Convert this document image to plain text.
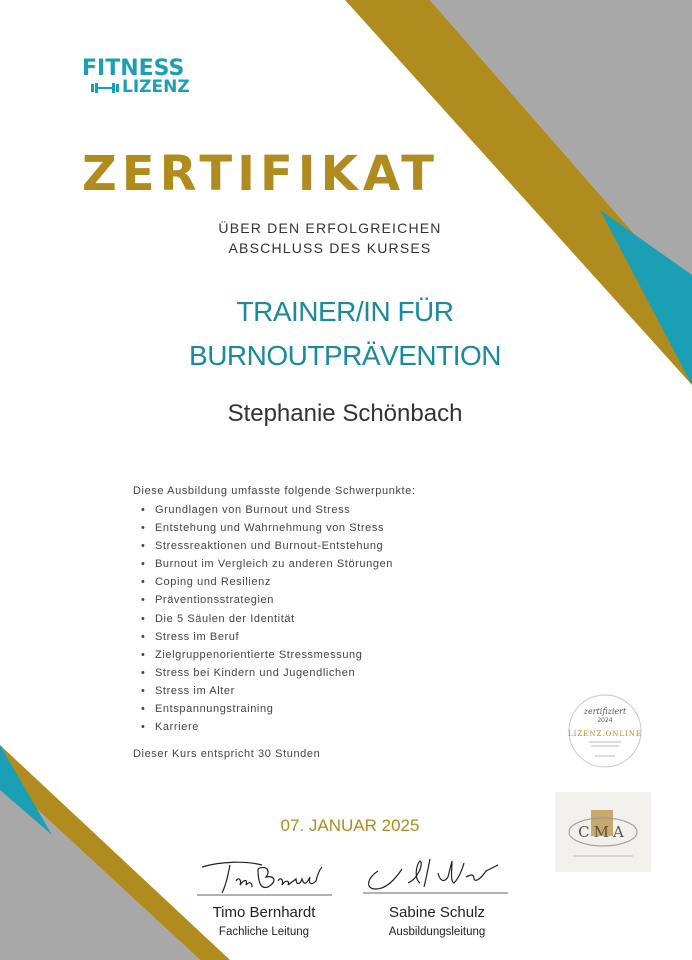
FITNESS
LIZENZ
ZERTIFIKAT
ÜBER DEN ERFOLGREICHEN
ABSCHLUSS DES KURSES
TRAINER/IN FÜR
BURNOUTPRÄVENTION
Stephanie Schönbach
Diese Ausbildung umfasste folgende Schwerpunkte:
• Grundlagen von Burnout und Stress
• Entstehung und Wahrnehmung von Stress
• Stressreaktionen und Burnout-Entstehung
• Burnout im Vergleich zu anderen Störungen
• Coping und Resilienz
• Präventionsstrategien
• Die 5 Säulen der Identität
• Stress im Beruf
• Zielgruppenorientierte Stressmessung
• Stress bei Kindern und Jugendlichen
• Stress im Alter
• Entspannungstraining
• Karriere
Dieser Kurs entspricht 30 Stunden
zertifiziert
2024
LIZENZ.ONLINE
CMA
07. JANUAR 2025
Timo Bernhardt
Fachliche Leitung
Sabine Schulz
Ausbildungsleitung
